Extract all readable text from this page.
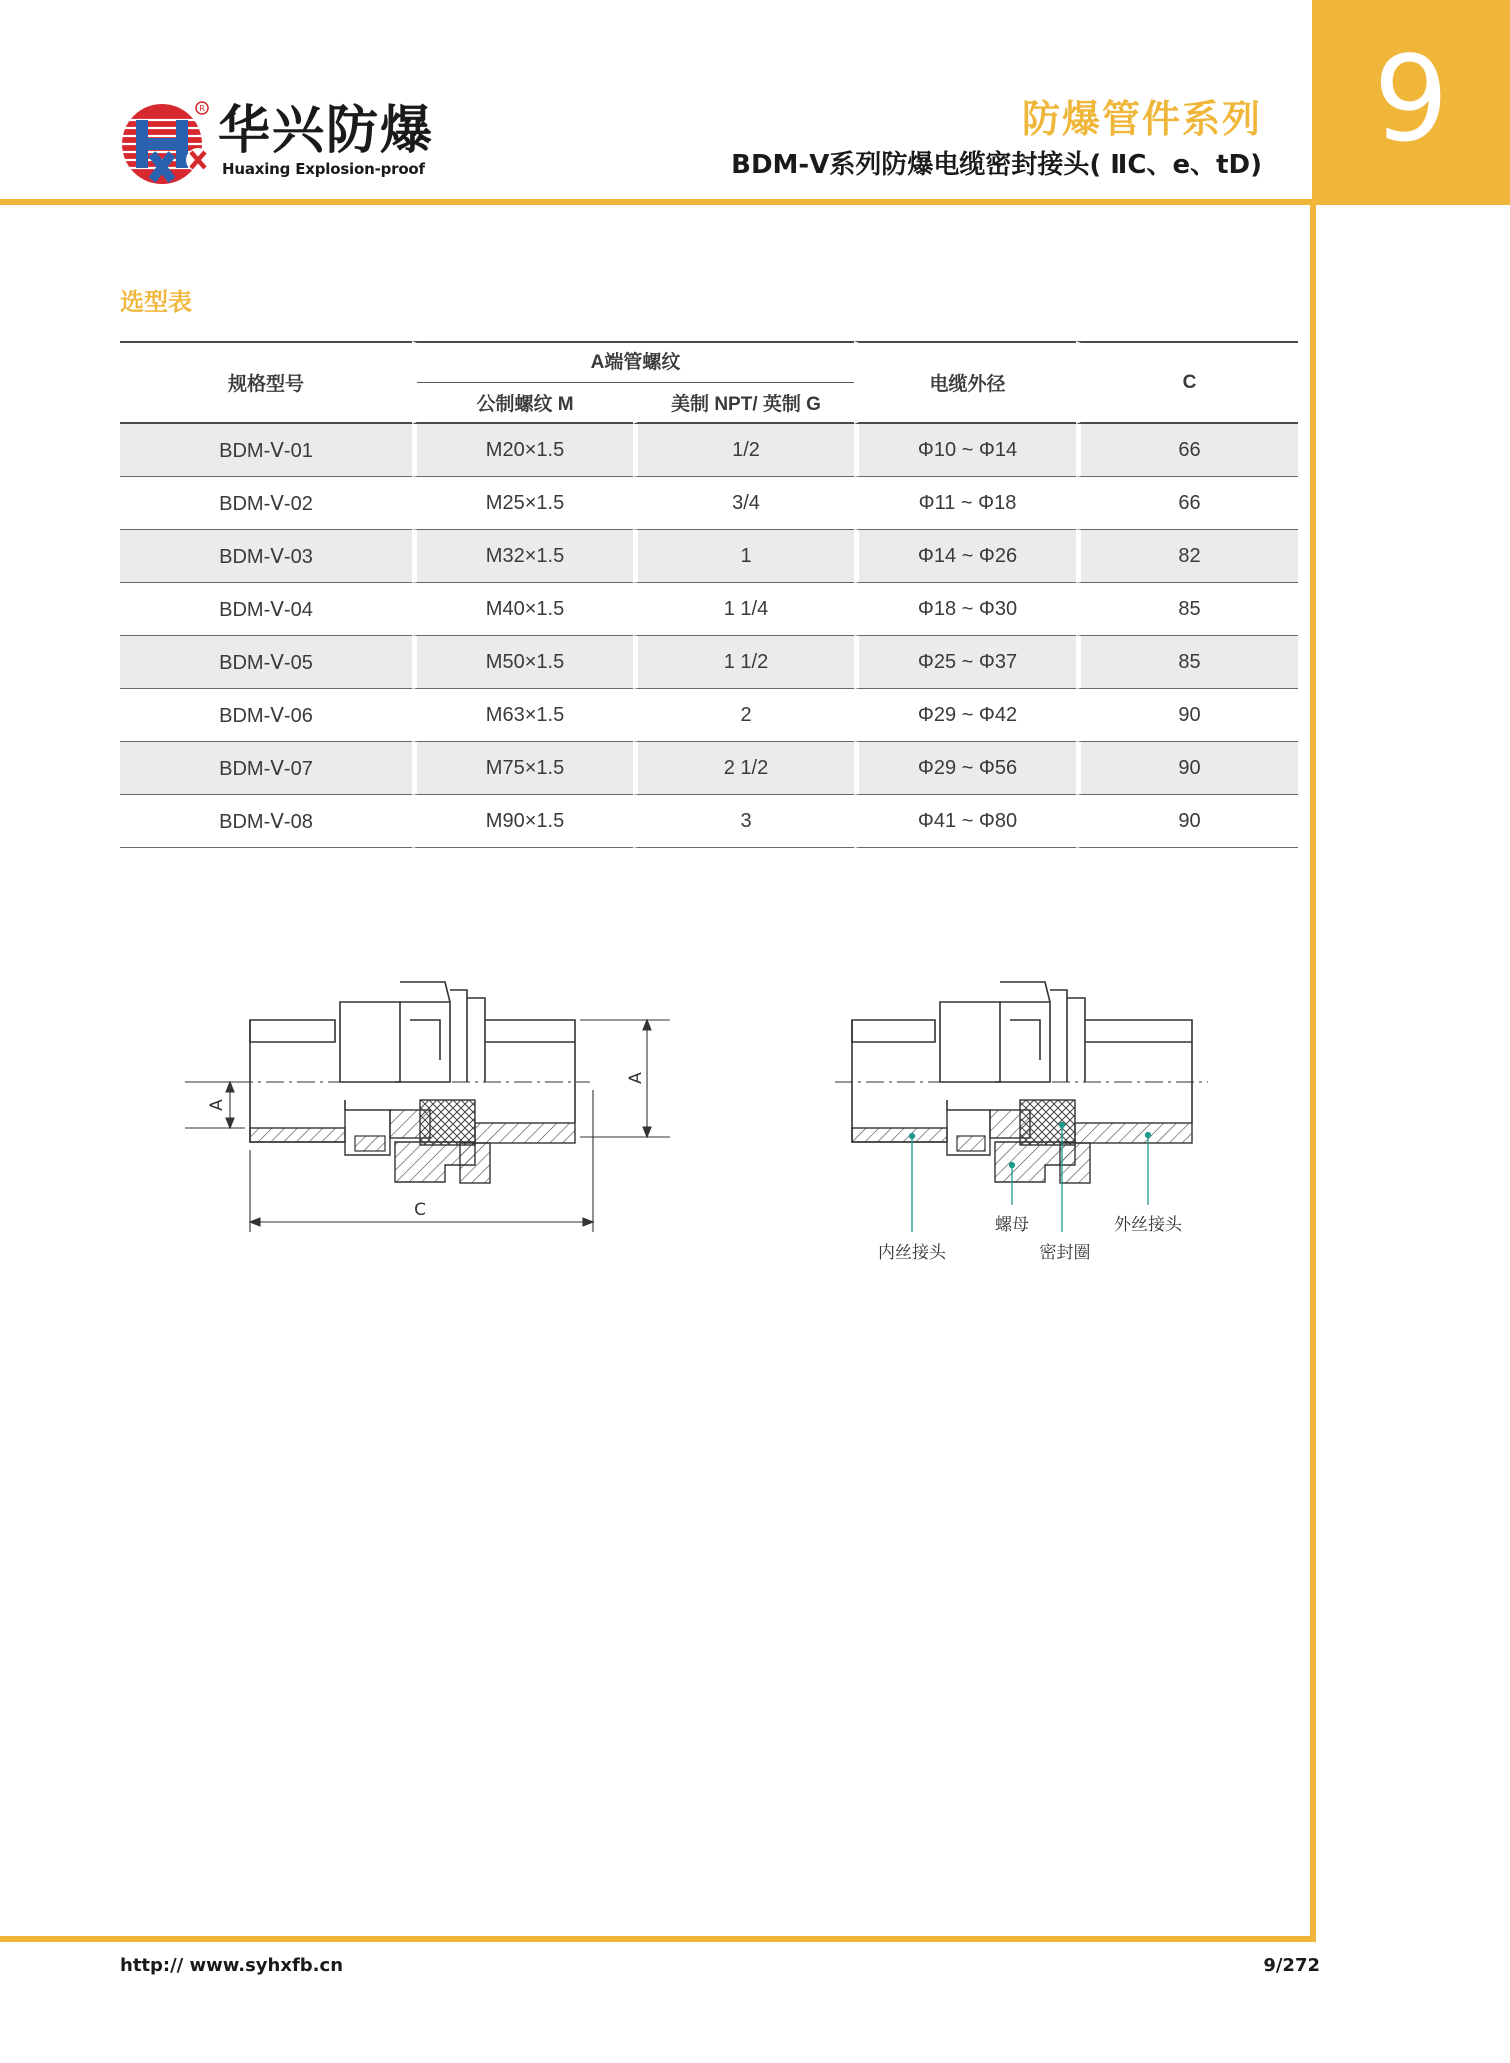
9
R 华兴防爆
Huaxing Explosion-proof
防爆管件系列
BDM-Ⅴ系列防爆电缆密封接头( ⅡC、e、tD)
选型表
规格型号	A端管螺纹		电缆外径	C
	公制螺纹 M	美制 NPT/ 英制 G		
BDM-Ⅴ-01	M20×1.5	1/2	Φ10 ~ Φ14	66
BDM-Ⅴ-02	M25×1.5	3/4	Φ11 ~ Φ18	66
BDM-Ⅴ-03	M32×1.5	1	Φ14 ~ Φ26	82
BDM-Ⅴ-04	M40×1.5	1 1/4	Φ18 ~ Φ30	85
BDM-Ⅴ-05	M50×1.5	1 1/2	Φ25 ~ Φ37	85
BDM-Ⅴ-06	M63×1.5	2	Φ29 ~ Φ42	90
BDM-Ⅴ-07	M75×1.5	2 1/2	Φ29 ~ Φ56	90
BDM-Ⅴ-08	M90×1.5	3	Φ41 ~ Φ80	90
A
A
C
内丝接头
螺母
密封圈
外丝接头
http:// www.syhxfb.cn	9/272
